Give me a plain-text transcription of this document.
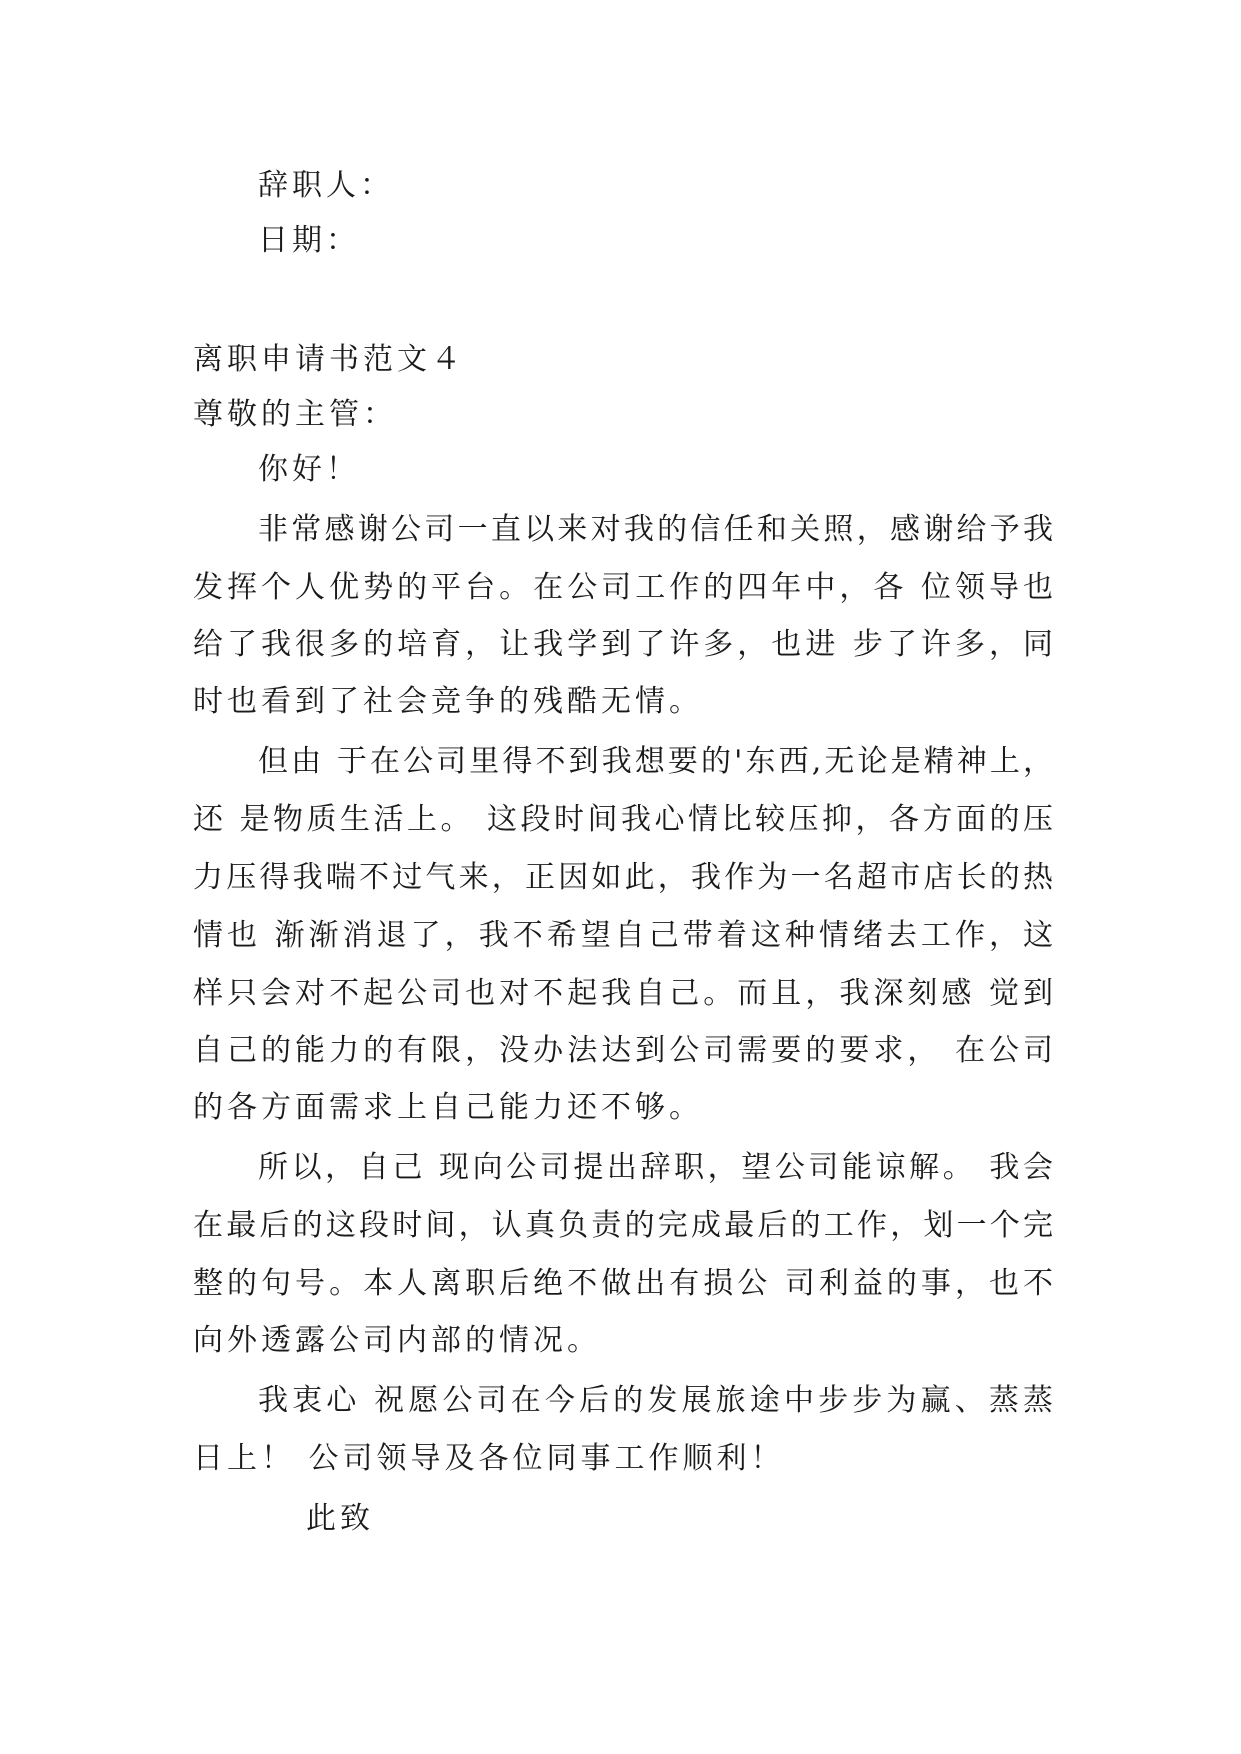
辞职人：
日期：
离职申请书范文４
尊敬的主管：
你好！
非常感谢公司一直以来对我的信任和关照，感谢给予我
发挥个人优势的平台。在公司工作的四年中，各 位领导也
给了我很多的培育，让我学到了许多，也进 步了许多，同
时也看到了社会竞争的残酷无情。
但由 于在公司里得不到我想要的'东西,无论是精神上，
还 是物质生活上。 这段时间我心情比较压抑，各方面的压
力压得我喘不过气来，正因如此，我作为一名超市店长的热
情也 渐渐消退了，我不希望自己带着这种情绪去工作，这
样只会对不起公司也对不起我自己。而且，我深刻感 觉到
自己的能力的有限，没办法达到公司需要的要求， 在公司
的各方面需求上自己能力还不够。
所以，自己 现向公司提出辞职，望公司能谅解。 我会
在最后的这段时间，认真负责的完成最后的工作，划一个完
整的句号。本人离职后绝不做出有损公 司利益的事，也不
向外透露公司内部的情况。
我衷心 祝愿公司在今后的发展旅途中步步为赢、蒸蒸
日上！ 公司领导及各位同事工作顺利！
此致
